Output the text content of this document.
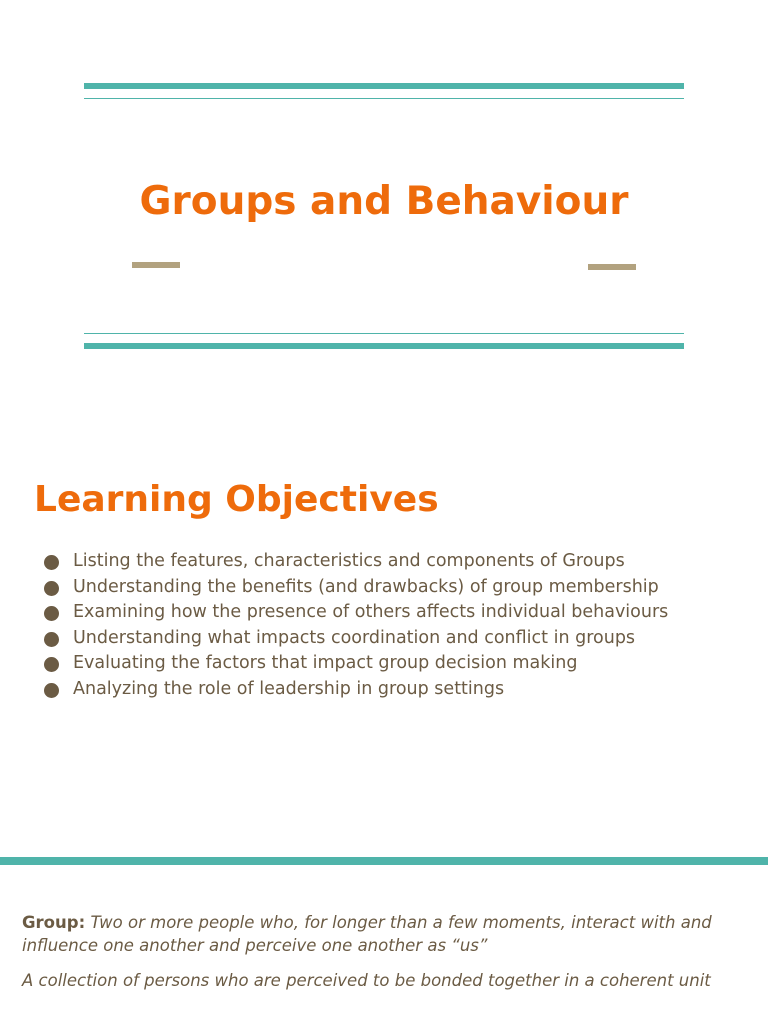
Groups and Behaviour
Learning Objectives
Listing the features, characteristics and components of Groups
Understanding the benefits (and drawbacks) of group membership
Examining how the presence of others affects individual behaviours
Understanding what impacts coordination and conflict in groups
Evaluating the factors that impact group decision making
Analyzing the role of leadership in group settings

Group: Two or more people who, for longer than a few moments, interact with and influence one another and perceive one another as “us”

A collection of persons who are perceived to be bonded together in a coherent unit
